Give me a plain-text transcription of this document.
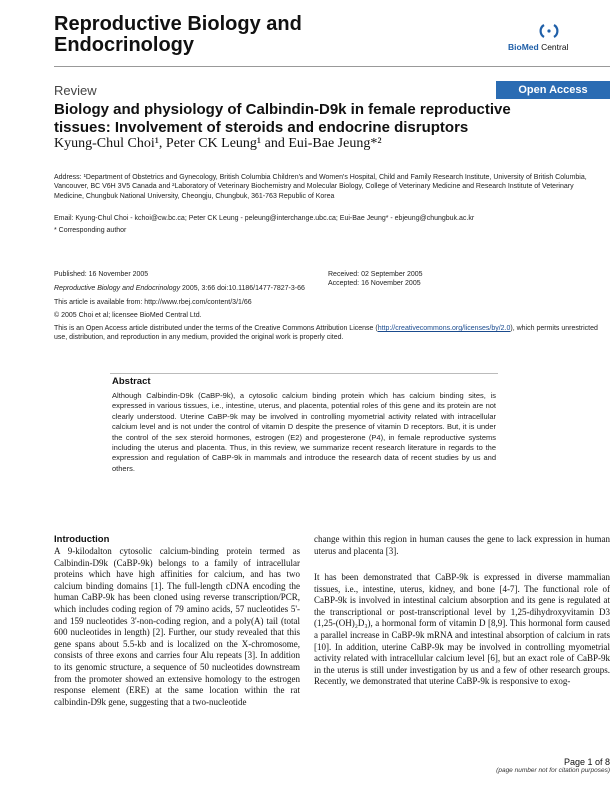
Reproductive Biology and
Endocrinology	BioMed Central
Review	Open Access
Biology and physiology of Calbindin-D9k in female reproductive
tissues: Involvement of steroids and endocrine disruptors
Kyung-Chul Choi¹, Peter CK Leung¹ and Eui-Bae Jeung*²
Address: ¹Department of Obstetrics and Gynecology, British Columbia Children's and Women's Hospital, Child and Family Research Institute, University of British Columbia, Vancouver, BC V6H 3V5 Canada and ²Laboratory of Veterinary Biochemistry and Molecular Biology, College of Veterinary Medicine and Research Institute of Veterinary Medicine, Chungbuk National University, Cheongju, Chungbuk, 361-763 Republic of Korea
Email: Kyung-Chul Choi - kchoi@cw.bc.ca; Peter CK Leung - peleung@interchange.ubc.ca; Eui-Bae Jeung* - ebjeung@chungbuk.ac.kr
* Corresponding author
Published: 16 November 2005
Reproductive Biology and Endocrinology 2005, 3:66 doi:10.1186/1477-7827-3-66
Received: 02 September 2005
Accepted: 16 November 2005
This article is available from: http://www.rbej.com/content/3/1/66
© 2005 Choi et al; licensee BioMed Central Ltd.
This is an Open Access article distributed under the terms of the Creative Commons Attribution License (http://creativecommons.org/licenses/by/2.0), which permits unrestricted use, distribution, and reproduction in any medium, provided the original work is properly cited.
Abstract
Although Calbindin-D9k (CaBP-9k), a cytosolic calcium binding protein which has calcium binding sites, is expressed in various tissues, i.e., intestine, uterus, and placenta, potential roles of this gene and its protein are not clearly understood. Uterine CaBP-9k may be involved in controlling myometrial activity related with intracellular calcium level and is not under the control of vitamin D despite the presence of vitamin D receptors. But, it is under the control of the sex steroid hormones, estrogen (E2) and progesterone (P4), in female reproductive systems including the uterus and placenta. Thus, in this review, we summarize recent research literature in regards to the expression and regulation of CaBP-9k in mammals and introduce the research data of recent studies by us and others.
Introduction
A 9-kilodalton cytosolic calcium-binding protein termed as Calbindin-D9k (CaBP-9k) belongs to a family of intracellular proteins which have high affinities for calcium, and has two calcium binding domains [1]. The full-length cDNA encoding the human CaBP-9k has been cloned using reverse transcription/PCR, which includes coding region of 79 amino acids, 57 nucleotides 5'- and 159 nucleotides 3'-non-coding region, and a poly(A) tail (total 600 nucleotides in length) [2]. Further, our study revealed that this gene spans about 5.5-kb and is localized on the X-chromosome, consists of three exons and carries four Alu repeats [3]. In addition to its genomic structure, a sequence of 50 nucleotides downstream from the promoter showed an extensive homology to the estrogen response element (ERE) at the same location within the rat calbindin-D9k gene, suggesting that a two-nucleotide
change within this region in human causes the gene to lack expression in human uterus and placenta [3].
It has been demonstrated that CaBP-9k is expressed in diverse mammalian tissues, i.e., intestine, uterus, kidney, and bone [4-7]. The functional role of CaBP-9k is involved in intestinal calcium absorption and its gene is regulated at the transcriptional or post-transcriptional level by 1,25-dihydroxyvitamin D3 (1,25-(OH)₂D₃), a hormonal form of vitamin D [8,9]. This hormonal form caused a parallel increase in CaBP-9k mRNA and intestinal absorption of calcium in rats [10]. In addition, uterine CaBP-9k may be involved in controlling myometrial activity related with intracellular calcium level [6], but an exact role of CaBP-9k in the uterus is still under investigation by us and a few of other research groups. Recently, we demonstrated that uterine CaBP-9k is responsive to exog-
Page 1 of 8
(page number not for citation purposes)
